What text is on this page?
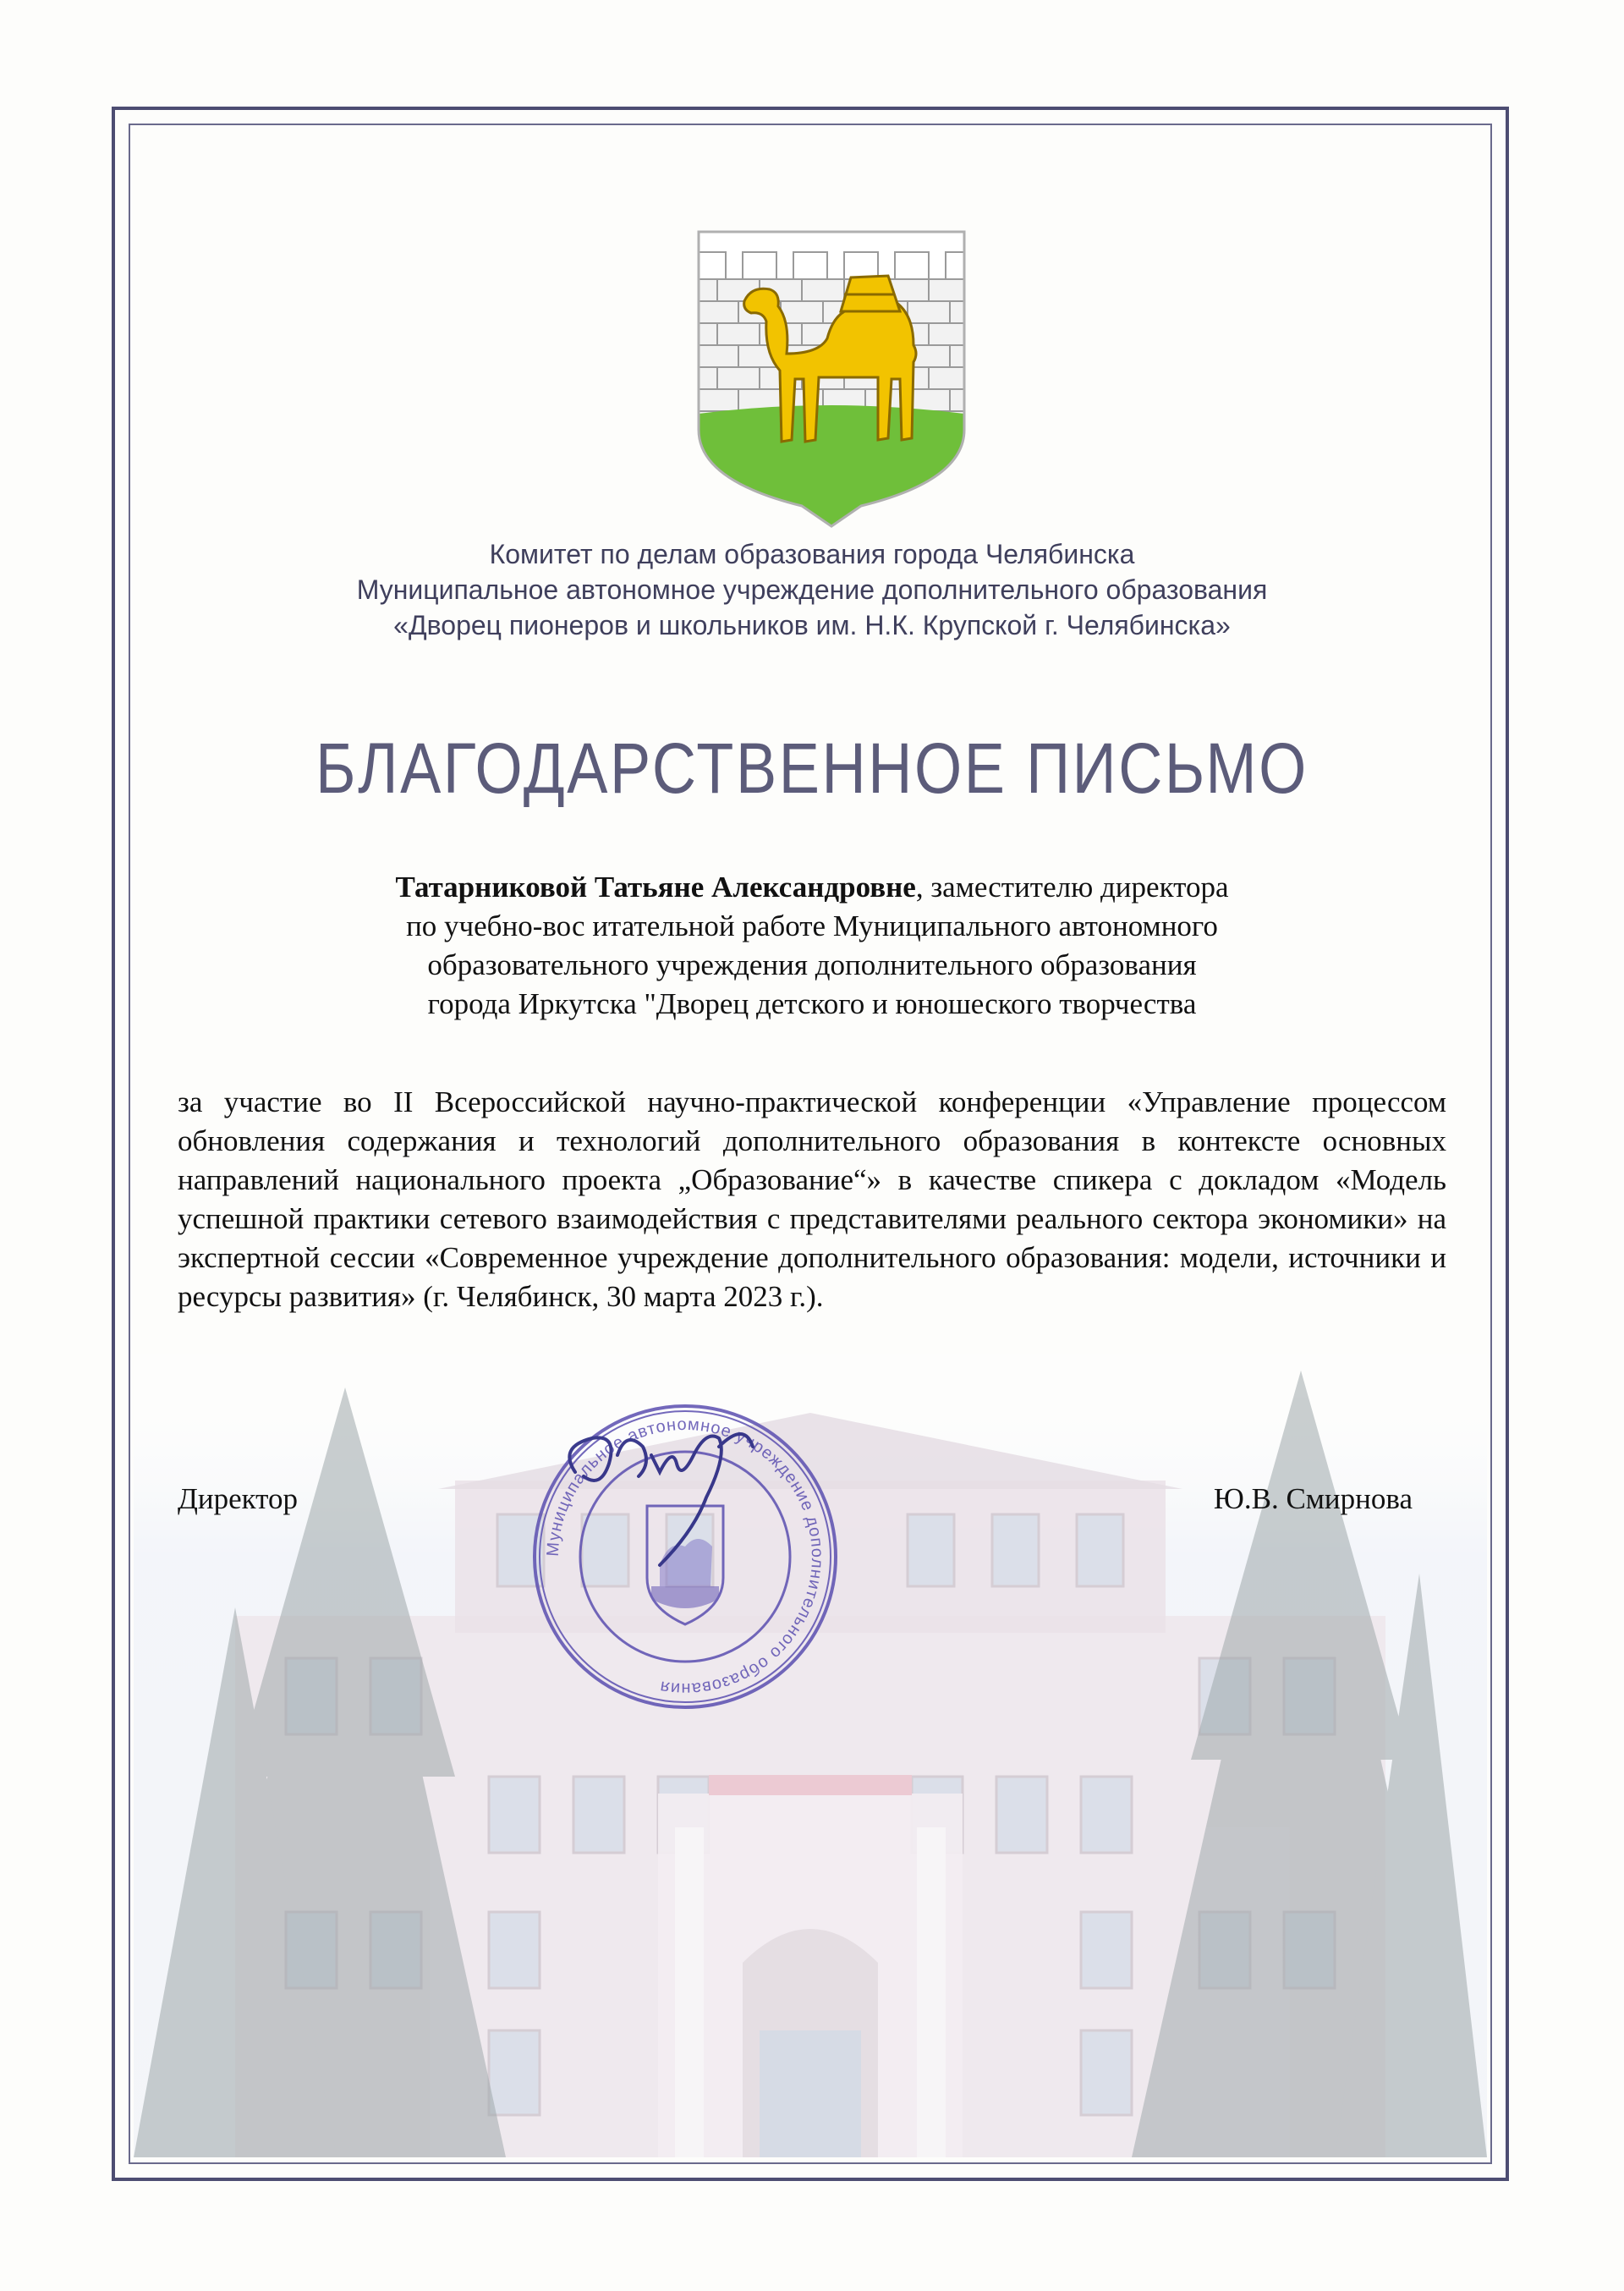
Комитет по делам образования города Челябинска
Муниципальное автономное учреждение дополнительного образования
«Дворец пионеров и школьников им. Н.К. Крупской г. Челябинска»
БЛАГОДАРСТВЕННОЕ ПИСЬМО
Татарниковой Татьяне Александровне, заместителю директора
по учебно-вос итательной работе Муниципального автономного
образовательного учреждения дополнительного образования
города Иркутска "Дворец детского и юношеского творчества
за участие во II Всероссийской научно-практической конференции «Управление процессом обновления содержания и технологий дополнительного образования в контексте основных направлений национального проекта „Образование“» в качестве спикера с докладом «Модель успешной практики сетевого взаимодействия с представителями реального сектора экономики» на экспертной сессии «Современное учреждение дополнительного образования: модели, источники и ресурсы развития» (г. Челябинск, 30 марта 2023 г.).
Директор	Ю.В. Смирнова
Муниципальное автономное учреждение дополнительного образования
